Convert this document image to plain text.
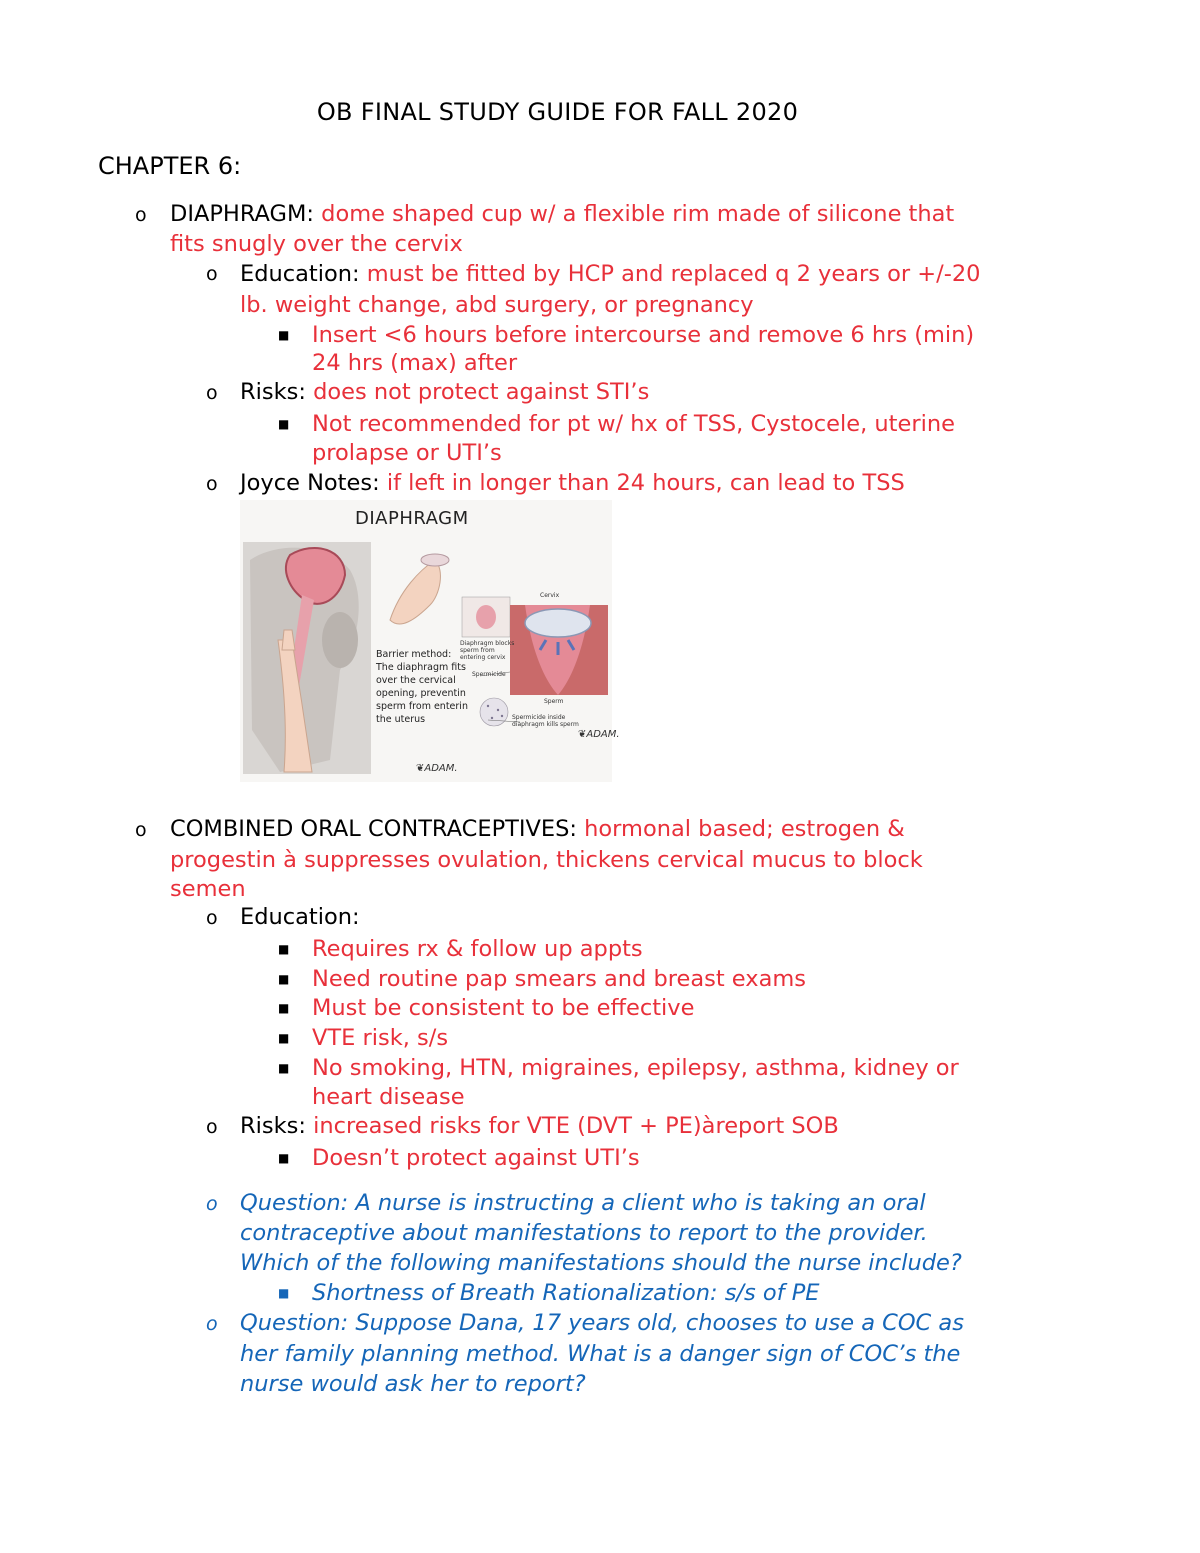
OB FINAL STUDY GUIDE FOR FALL 2020
CHAPTER 6:
o DIAPHRAGM: dome shaped cup w/ a flexible rim made of silicone that
fits snugly over the cervix
o Education: must be fitted by HCP and replaced q 2 years or +/-20
lb. weight change, abd surgery, or pregnancy
■ Insert <6 hours before intercourse and remove 6 hrs (min)
24 hrs (max) after
o Risks: does not protect against STI’s
■ Not recommended for pt w/ hx of TSS, Cystocele, uterine
prolapse or UTI’s
o Joyce Notes: if left in longer than 24 hours, can lead to TSS
DIAPHRAGM
Barrier method:
The diaphragm fits
over the cervical
opening, preventin
sperm from enterin
the uterus
Cervix
Diaphragm blocks
sperm from
entering cervix
Spermicide
Sperm
Spermicide inside
diaphragm kills sperm
❦ADAM.
❦ADAM.
o COMBINED ORAL CONTRACEPTIVES: hormonal based; estrogen &
progestin à suppresses ovulation, thickens cervical mucus to block
semen
o Education:
■ Requires rx & follow up appts
■ Need routine pap smears and breast exams
■ Must be consistent to be effective
■ VTE risk, s/s
■ No smoking, HTN, migraines, epilepsy, asthma, kidney or
heart disease
o Risks: increased risks for VTE (DVT + PE)àreport SOB
■ Doesn’t protect against UTI’s
o Question: A nurse is instructing a client who is taking an oral
contraceptive about manifestations to report to the provider.
Which of the following manifestations should the nurse include?
■ Shortness of Breath Rationalization: s/s of PE
o Question: Suppose Dana, 17 years old, chooses to use a COC as
her family planning method. What is a danger sign of COC’s the
nurse would ask her to report?
